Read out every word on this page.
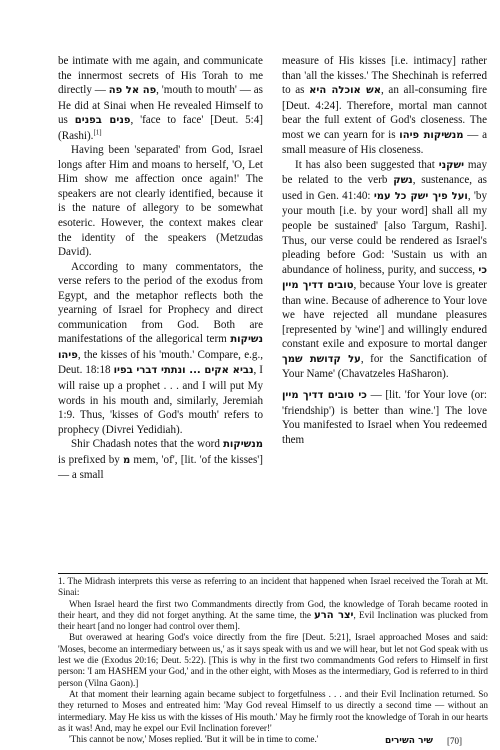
be intimate with me again, and communicate the innermost secrets of His Torah to me directly — פה אל פה, 'mouth to mouth' — as He did at Sinai when He revealed Himself to us פנים בפנים, 'face to face' [Deut. 5:4] (Rashi).[1]

Having been 'separated' from God, Israel longs after Him and moans to herself, 'O, Let Him show me affection once again!' The speakers are not clearly identified, because it is the nature of allegory to be somewhat esoteric. However, the context makes clear the identity of the speakers (Metzudas David).

According to many commentators, the verse refers to the period of the exodus from Egypt, and the metaphor reflects both the yearning of Israel for Prophecy and direct communication from God. Both are manifestations of the allegorical term נשיקות פיהו, the kisses of his 'mouth.' Compare, e.g., Deut. 18:18 נביא אקים ... ונתתי דברי בפיו, I will raise up a prophet . . . and I will put My words in his mouth and, similarly, Jeremiah 1:9. Thus, 'kisses of God's mouth' refers to prophecy (Divrei Yedidiah).

Shir Chadash notes that the word מנשיקות is prefixed by מ mem, 'of', [lit. 'of the kisses'] — a small

measure of His kisses [i.e. intimacy] rather than 'all the kisses.' The Shechinah is referred to as אש אוכלה היא, an all-consuming fire [Deut. 4:24]. Therefore, mortal man cannot bear the full extent of God's closeness. The most we can yearn for is מנשיקות פיהו — a small measure of His closeness.

It has also been suggested that ישקני may be related to the verb נשק, sustenance, as used in Gen. 41:40: ועל פיך ישק כל עמי, 'by your mouth [i.e. by your word] shall all my people be sustained' [also Targum, Rashi]. Thus, our verse could be rendered as Israel's pleading before God: 'Sustain us with an abundance of holiness, purity, and success, כי טובים דדיך מיין, because Your love is greater than wine. Because of adherence to Your love we have rejected all mundane pleasures [represented by 'wine'] and willingly endured constant exile and exposure to mortal danger על קדושת שמך, for the Sanctification of Your Name' (Chavatzeles HaSharon).

כי טובים דדיך מיין — [lit. 'for Your love (or: 'friendship') is better than wine.'] The love You manifested to Israel when You redeemed them

1. The Midrash interprets this verse as referring to an incident that happened when Israel received the Torah at Mt. Sinai:

When Israel heard the first two Commandments directly from God, the knowledge of Torah became rooted in their heart, and they did not forget anything. At the same time, the יצר הרע, Evil Inclination was plucked from their heart [and no longer had control over them].

But overawed at hearing God's voice directly from the fire [Deut. 5:21], Israel approached Moses and said: 'Moses, become an intermediary between us,' as it says speak with us and we will hear, but let not God speak with us lest we die (Exodus 20:16; Deut. 5:22). [This is why in the first two commandments God refers to Himself in first person: 'I am HASHEM your God,' and in the other eight, with Moses as the intermediary, God is referred to in third person (Vilna Gaon).]

At that moment their learning again became subject to forgetfulness . . . and their Evil Inclination returned. So they returned to Moses and entreated him: 'May God reveal Himself to us directly a second time — without an intermediary. May He kiss us with the kisses of His mouth.' May he firmly root the knowledge of Torah in our hearts as it was! And, may he expel our Evil Inclination forever!'

'This cannot be now,' Moses replied. 'But it will be in time to come.'	שיר השירים [70]
